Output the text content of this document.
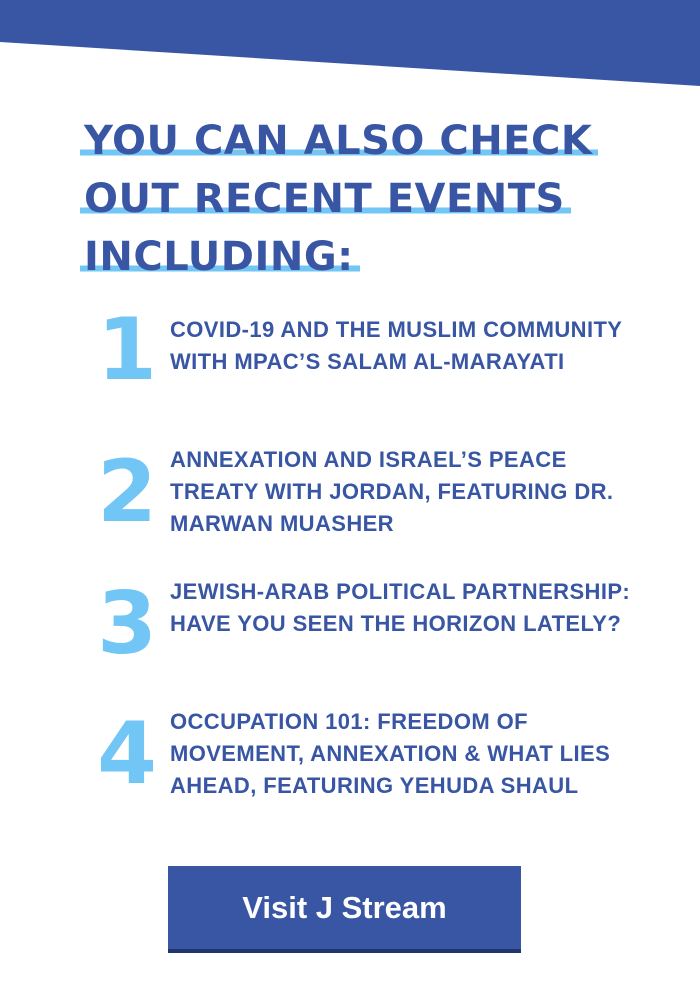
YOU CAN ALSO CHECK
OUT RECENT EVENTS
INCLUDING:
1 COVID-19 AND THE MUSLIM COMMUNITY WITH MPAC’S SALAM AL-MARAYATI
2 ANNEXATION AND ISRAEL’S PEACE TREATY WITH JORDAN, FEATURING DR. MARWAN MUASHER
3 JEWISH-ARAB POLITICAL PARTNERSHIP: HAVE YOU SEEN THE HORIZON LATELY?
4 OCCUPATION 101: FREEDOM OF MOVEMENT, ANNEXATION & WHAT LIES AHEAD, FEATURING YEHUDA SHAUL
Visit J Stream
